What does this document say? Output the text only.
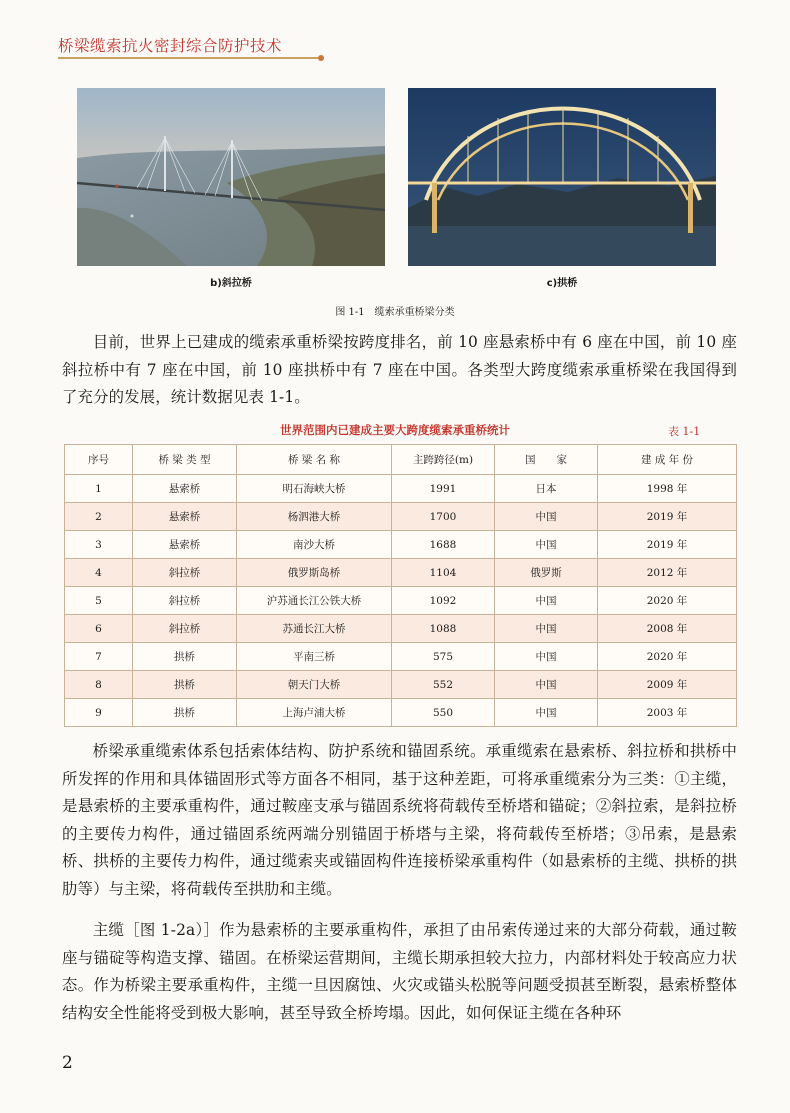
桥梁缆索抗火密封综合防护技术
b)斜拉桥	c)拱桥
图 1-1　缆索承重桥梁分类

目前，世界上已建成的缆索承重桥梁按跨度排名，前 10 座悬索桥中有 6 座在中国，前 10 座斜拉桥中有 7 座在中国，前 10 座拱桥中有 7 座在中国。各类型大跨度缆索承重桥梁在我国得到了充分的发展，统计数据见表 1-1。

世界范围内已建成主要大跨度缆索承重桥统计	表 1-1
序号	桥 梁 类 型	桥 梁 名 称	主跨跨径(m)	国　　家	建 成 年 份
1	悬索桥	明石海峡大桥	1991	日本	1998 年
2	悬索桥	杨泗港大桥	1700	中国	2019 年
3	悬索桥	南沙大桥	1688	中国	2019 年
4	斜拉桥	俄罗斯岛桥	1104	俄罗斯	2012 年
5	斜拉桥	沪苏通长江公铁大桥	1092	中国	2020 年
6	斜拉桥	苏通长江大桥	1088	中国	2008 年
7	拱桥	平南三桥	575	中国	2020 年
8	拱桥	朝天门大桥	552	中国	2009 年
9	拱桥	上海卢浦大桥	550	中国	2003 年

桥梁承重缆索体系包括索体结构、防护系统和锚固系统。承重缆索在悬索桥、斜拉桥和拱桥中所发挥的作用和具体锚固形式等方面各不相同，基于这种差距，可将承重缆索分为三类：①主缆，是悬索桥的主要承重构件，通过鞍座支承与锚固系统将荷载传至桥塔和锚碇；②斜拉索，是斜拉桥的主要传力构件，通过锚固系统两端分别锚固于桥塔与主梁，将荷载传至桥塔；③吊索，是悬索桥、拱桥的主要传力构件，通过缆索夹或锚固构件连接桥梁承重构件（如悬索桥的主缆、拱桥的拱肋等）与主梁，将荷载传至拱肋和主缆。

主缆［图 1-2a）］作为悬索桥的主要承重构件，承担了由吊索传递过来的大部分荷载，通过鞍座与锚碇等构造支撑、锚固。在桥梁运营期间，主缆长期承担较大拉力，内部材料处于较高应力状态。作为桥梁主要承重构件，主缆一旦因腐蚀、火灾或锚头松脱等问题受损甚至断裂，悬索桥整体结构安全性能将受到极大影响，甚至导致全桥垮塌。因此，如何保证主缆在各种环

2
